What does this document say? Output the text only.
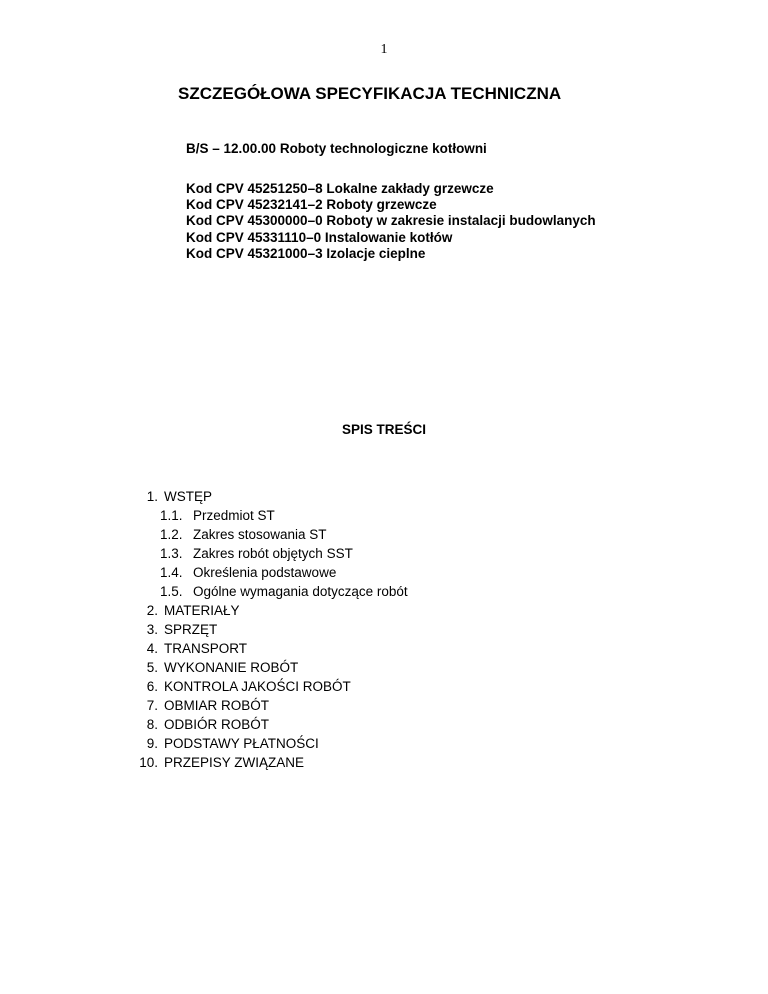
1
SZCZEGÓŁOWA SPECYFIKACJA TECHNICZNA
B/S – 12.00.00 Roboty technologiczne kotłowni
Kod CPV 45251250–8 Lokalne zakłady grzewcze
Kod CPV 45232141–2 Roboty grzewcze
Kod CPV 45300000–0 Roboty w zakresie instalacji budowlanych
Kod CPV 45331110–0 Instalowanie kotłów
Kod CPV 45321000–3 Izolacje cieplne
SPIS TREŚCI
1. WSTĘP
1.1. Przedmiot ST
1.2. Zakres stosowania ST
1.3. Zakres robót objętych SST
1.4. Określenia podstawowe
1.5. Ogólne wymagania dotyczące robót
2. MATERIAŁY
3. SPRZĘT
4. TRANSPORT
5. WYKONANIE ROBÓT
6. KONTROLA JAKOŚCI ROBÓT
7. OBMIAR ROBÓT
8. ODBIÓR ROBÓT
9. PODSTAWY PŁATNOŚCI
10. PRZEPISY ZWIĄZANE
